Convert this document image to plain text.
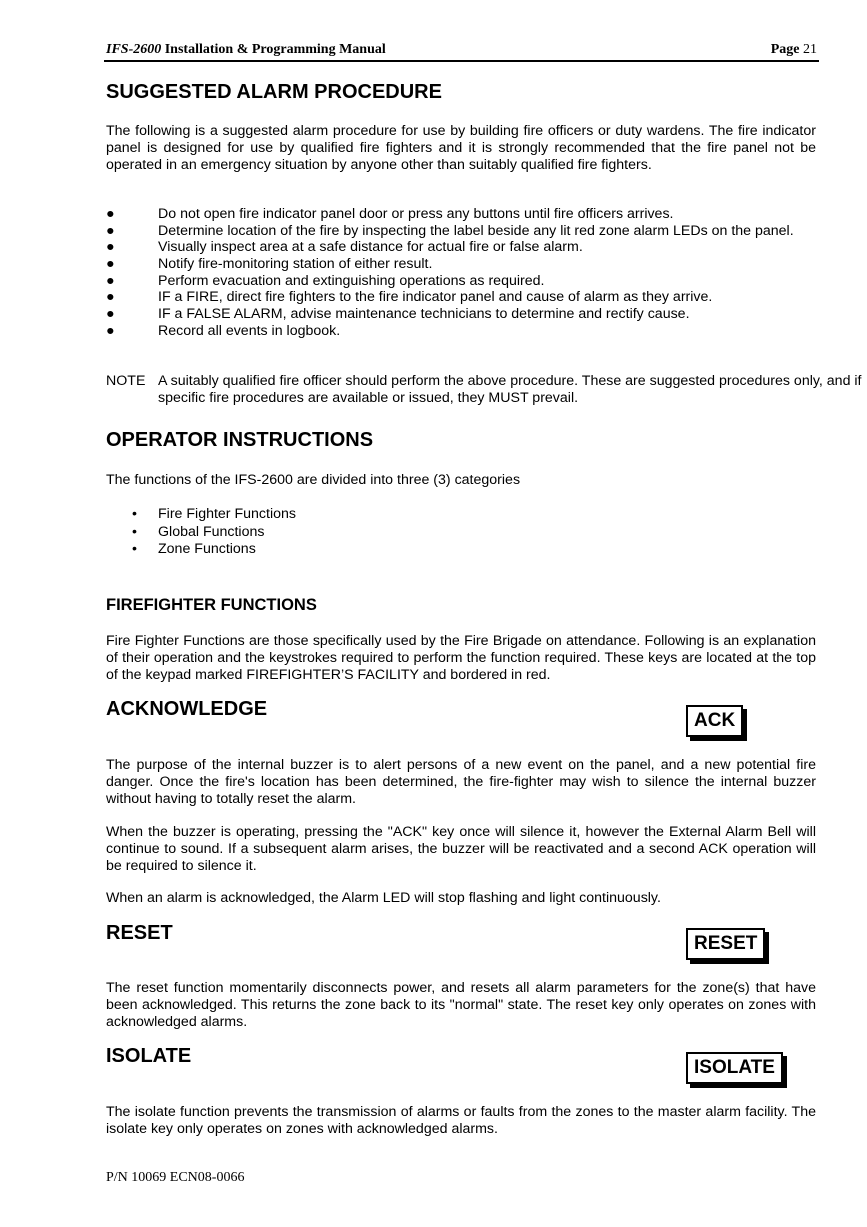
IFS-2600 Installation & Programming Manual	Page 21
SUGGESTED ALARM PROCEDURE

The following is a suggested alarm procedure for use by building fire officers or duty wardens. The fire indicator panel is designed for use by qualified fire fighters and it is strongly recommended that the fire panel not be operated in an emergency situation by anyone other than suitably qualified fire fighters.

●	Do not open fire indicator panel door or press any buttons until fire officers arrives.
●	Determine location of the fire by inspecting the label beside any lit red zone alarm LEDs on the panel.
●	Visually inspect area at a safe distance for actual fire or false alarm.
●	Notify fire-monitoring station of either result.
●	Perform evacuation and extinguishing operations as required.
●	IF a FIRE, direct fire fighters to the fire indicator panel and cause of alarm as they arrive.
●	IF a FALSE ALARM, advise maintenance technicians to determine and rectify cause.
●	Record all events in logbook.
NOTE A suitably qualified fire officer should perform the above procedure. These are suggested procedures only, and if specific fire procedures are available or issued, they MUST prevail.
OPERATOR INSTRUCTIONS

The functions of the IFS-2600 are divided into three (3) categories

• Fire Fighter Functions
• Global Functions
• Zone Functions
FIREFIGHTER FUNCTIONS

Fire Fighter Functions are those specifically used by the Fire Brigade on attendance. Following is an explanation of their operation and the keystrokes required to perform the function required. These keys are located at the top of the keypad marked FIREFIGHTER’S FACILITY and bordered in red.

ACKNOWLEDGE
ACK

The purpose of the internal buzzer is to alert persons of a new event on the panel, and a new potential fire danger. Once the fire's location has been determined, the fire-fighter may wish to silence the internal buzzer without having to totally reset the alarm.

When the buzzer is operating, pressing the "ACK" key once will silence it, however the External Alarm Bell will continue to sound. If a subsequent alarm arises, the buzzer will be reactivated and a second ACK operation will be required to silence it.

When an alarm is acknowledged, the Alarm LED will stop flashing and light continuously.

RESET	RESET

The reset function momentarily disconnects power, and resets all alarm parameters for the zone(s) that have been acknowledged. This returns the zone back to its "normal" state. The reset key only operates on zones with acknowledged alarms.

ISOLATE
ISOLATE

The isolate function prevents the transmission of alarms or faults from the zones to the master alarm facility. The isolate key only operates on zones with acknowledged alarms.

P/N 10069 ECN08-0066
